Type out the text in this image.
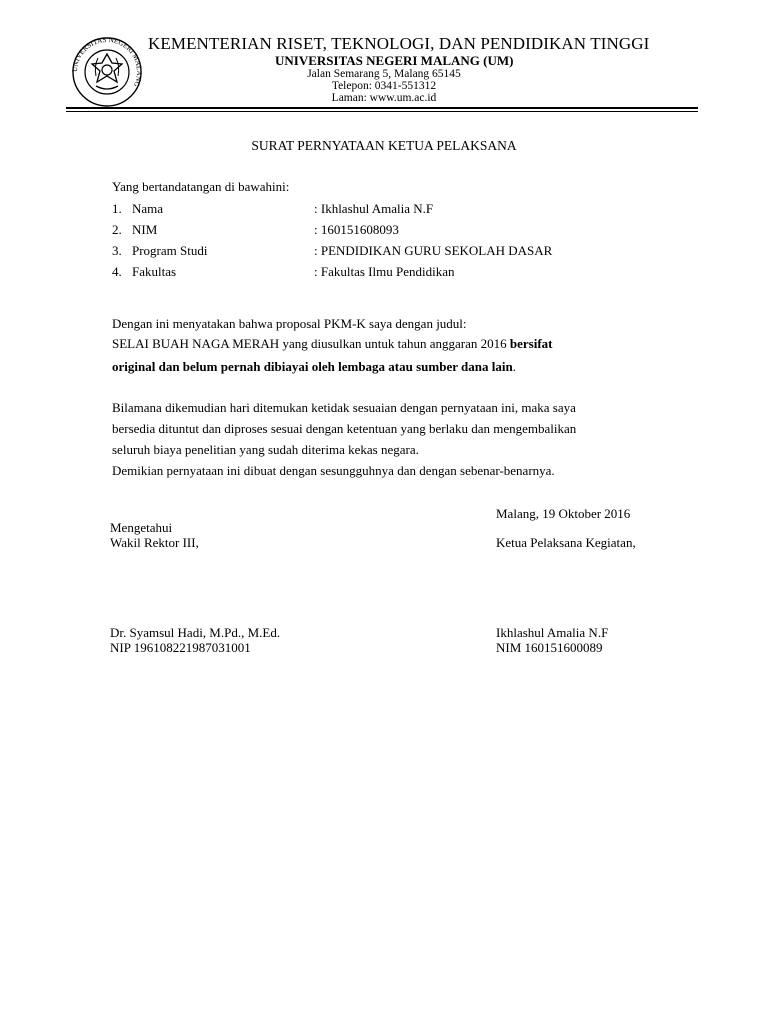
UNIVERSITAS NEGERI MALANG
KEMENTERIAN RISET, TEKNOLOGI, DAN PENDIDIKAN TINGGI
UNIVERSITAS NEGERI MALANG (UM)
Jalan Semarang 5, Malang 65145
Telepon: 0341-551312
Laman: www.um.ac.id
SURAT PERNYATAAN KETUA PELAKSANA
Yang bertandatangan di bawahini:
1. Nama	: Ikhlashul Amalia N.F
2. NIM	: 160151608093
3. Program Studi	: PENDIDIKAN GURU SEKOLAH DASAR
4. Fakultas	: Fakultas Ilmu Pendidikan
Dengan ini menyatakan bahwa proposal PKM-K saya dengan judul:
SELAI BUAH NAGA MERAH yang diusulkan untuk tahun anggaran 2016 bersifat
original dan belum pernah dibiayai oleh lembaga atau sumber dana lain.
Bilamana dikemudian hari ditemukan ketidak sesuaian dengan pernyataan ini, maka saya
bersedia dituntut dan diproses sesuai dengan ketentuan yang berlaku dan mengembalikan
seluruh biaya penelitian yang sudah diterima kekas negara.
Demikian pernyataan ini dibuat dengan sesungguhnya dan dengan sebenar-benarnya.
Malang, 19 Oktober 2016
Mengetahui
Wakil Rektor III,	Ketua Pelaksana Kegiatan,
Dr. Syamsul Hadi, M.Pd., M.Ed.
NIP 196108221987031001
Ikhlashul Amalia N.F
NIM 160151600089
